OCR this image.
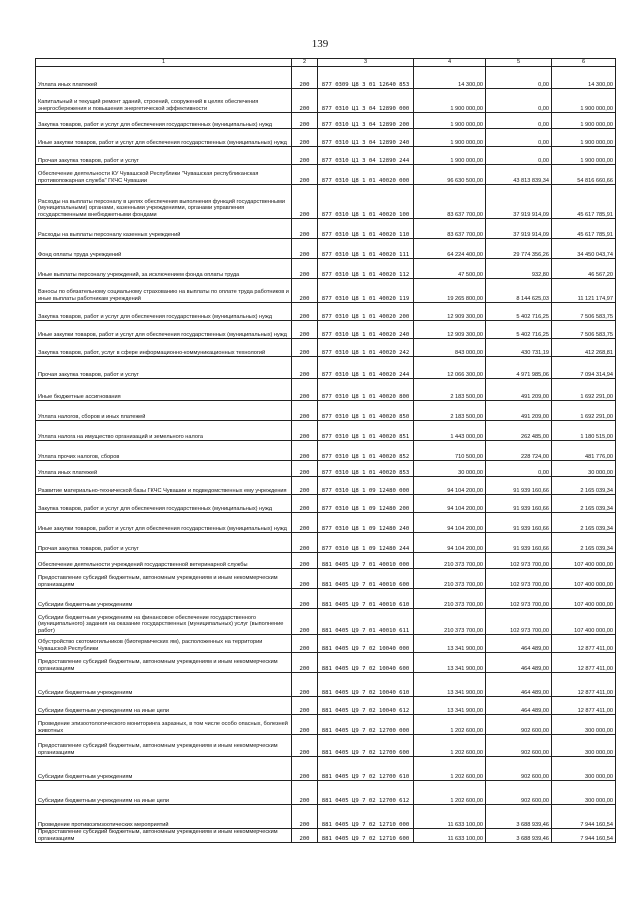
139
1	2	3	4	5	6
Уплата иных платежей	200	877 0309 Ц8 3 01 12640 853	14 300,00	0,00	14 300,00
Капитальный и текущий ремонт зданий, строений, сооружений в целях обеспечения энергосбережения и повышения энергетической эффективности	200	877 0310 Ц1 3 04 12890 000	1 900 000,00	0,00	1 900 000,00
Закупка товаров, работ и услуг для обеспечения государственных (муниципальных) нужд	200	877 0310 Ц1 3 04 12890 200	1 900 000,00	0,00	1 900 000,00
Иные закупки товаров, работ и услуг для обеспечения государственных (муниципальных) нужд	200	877 0310 Ц1 3 04 12890 240	1 900 000,00	0,00	1 900 000,00
Прочая закупка товаров, работ и услуг	200	877 0310 Ц1 3 04 12890 244	1 900 000,00	0,00	1 900 000,00
Обеспечение деятельности КУ Чувашской Республики "Чувашская республиканская противопожарная служба" ГКЧС Чувашии	200	877 0310 Ц8 1 01 40020 000	96 630 500,00	43 813 839,34	54 816 660,66
Расходы на выплаты персоналу в целях обеспечения выполнения функций государственными (муниципальными) органами, казенными учреждениями, органами управления государственными внебюджетными фондами	200	877 0310 Ц8 1 01 40020 100	83 637 700,00	37 919 914,09	45 617 785,91
Расходы на выплаты персоналу казенных учреждений	200	877 0310 Ц8 1 01 40020 110	83 637 700,00	37 919 914,09	45 617 785,91
Фонд оплаты труда учреждений	200	877 0310 Ц8 1 01 40020 111	64 224 400,00	29 774 356,26	34 450 043,74
Иные выплаты персоналу учреждений, за исключением фонда оплаты труда	200	877 0310 Ц8 1 01 40020 112	47 500,00	932,80	46 567,20
Взносы по обязательному социальному страхованию на выплаты по оплате труда работников и иные выплаты работникам учреждений	200	877 0310 Ц8 1 01 40020 119	19 265 800,00	8 144 625,03	11 121 174,97
Закупка товаров, работ и услуг для обеспечения государственных (муниципальных) нужд	200	877 0310 Ц8 1 01 40020 200	12 909 300,00	5 402 716,25	7 506 583,75
Иные закупки товаров, работ и услуг для обеспечения государственных (муниципальных) нужд	200	877 0310 Ц8 1 01 40020 240	12 909 300,00	5 402 716,25	7 506 583,75
Закупка товаров, работ, услуг в сфере информационно-коммуникационных технологий	200	877 0310 Ц8 1 01 40020 242	843 000,00	430 731,19	412 268,81
Прочая закупка товаров, работ и услуг	200	877 0310 Ц8 1 01 40020 244	12 066 300,00	4 971 985,06	7 094 314,94
Иные бюджетные ассигнования	200	877 0310 Ц8 1 01 40020 800	2 183 500,00	491 209,00	1 692 291,00
Уплата налогов, сборов и иных платежей	200	877 0310 Ц8 1 01 40020 850	2 183 500,00	491 209,00	1 692 291,00
Уплата налога на имущество организаций и земельного налога	200	877 0310 Ц8 1 01 40020 851	1 443 000,00	262 485,00	1 180 515,00
Уплата прочих налогов, сборов	200	877 0310 Ц8 1 01 40020 852	710 500,00	228 724,00	481 776,00
Уплата иных платежей	200	877 0310 Ц8 1 01 40020 853	30 000,00	0,00	30 000,00
Развитие материально-технической базы ГКЧС Чувашии и подведомственных ему учреждения	200	877 0310 Ц8 1 09 12480 000	94 104 200,00	91 939 160,66	2 165 039,34
Закупка товаров, работ и услуг для обеспечения государственных (муниципальных) нужд	200	877 0310 Ц8 1 09 12480 200	94 104 200,00	91 939 160,66	2 165 039,34
Иные закупки товаров, работ и услуг для обеспечения государственных (муниципальных) нужд	200	877 0310 Ц8 1 09 12480 240	94 104 200,00	91 939 160,66	2 165 039,34
Прочая закупка товаров, работ и услуг	200	877 0310 Ц8 1 09 12480 244	94 104 200,00	91 939 160,66	2 165 039,34
Обеспечение деятельности учреждений государственной ветеринарной службы	200	881 0405 Ц9 7 01 40010 000	210 373 700,00	102 973 700,00	107 400 000,00
Предоставление субсидий бюджетным, автономным учреждениям и иным некоммерческим организациям	200	881 0405 Ц9 7 01 40010 600	210 373 700,00	102 973 700,00	107 400 000,00
Субсидии бюджетным учреждениям	200	881 0405 Ц9 7 01 40010 610	210 373 700,00	102 973 700,00	107 400 000,00
Субсидии бюджетным учреждениям на финансовое обеспечение государственного (муниципального) задания на оказание государственных (муниципальных) услуг (выполнение работ)	200	881 0405 Ц9 7 01 40010 611	210 373 700,00	102 973 700,00	107 400 000,00
Обустройство скотомогильников (биотермических ям), расположенных на территории Чувашской Республики	200	881 0405 Ц9 7 02 10040 000	13 341 900,00	464 489,00	12 877 411,00
Предоставление субсидий бюджетным, автономным учреждениям и иным некоммерческим организациям	200	881 0405 Ц9 7 02 10040 600	13 341 900,00	464 489,00	12 877 411,00
Субсидии бюджетным учреждениям	200	881 0405 Ц9 7 02 10040 610	13 341 900,00	464 489,00	12 877 411,00
Субсидии бюджетным учреждениям на иные цели	200	881 0405 Ц9 7 02 10040 612	13 341 900,00	464 489,00	12 877 411,00
Проведение эпизоотологического мониторинга заразных, в том числе особо опасных, болезней животных	200	881 0405 Ц9 7 02 12700 000	1 202 600,00	902 600,00	300 000,00
Предоставление субсидий бюджетным, автономным учреждениям и иным некоммерческим организациям	200	881 0405 Ц9 7 02 12700 600	1 202 600,00	902 600,00	300 000,00
Субсидии бюджетным учреждениям	200	881 0405 Ц9 7 02 12700 610	1 202 600,00	902 600,00	300 000,00
Субсидии бюджетным учреждениям на иные цели	200	881 0405 Ц9 7 02 12700 612	1 202 600,00	902 600,00	300 000,00
Проведение противоэпизоотических мероприятий	200	881 0405 Ц9 7 02 12710 000	11 633 100,00	3 688 939,46	7 944 160,54
Предоставление субсидий бюджетным, автономным учреждениям и иным некоммерческим организациям	200	881 0405 Ц9 7 02 12710 600	11 633 100,00	3 688 939,46	7 944 160,54
